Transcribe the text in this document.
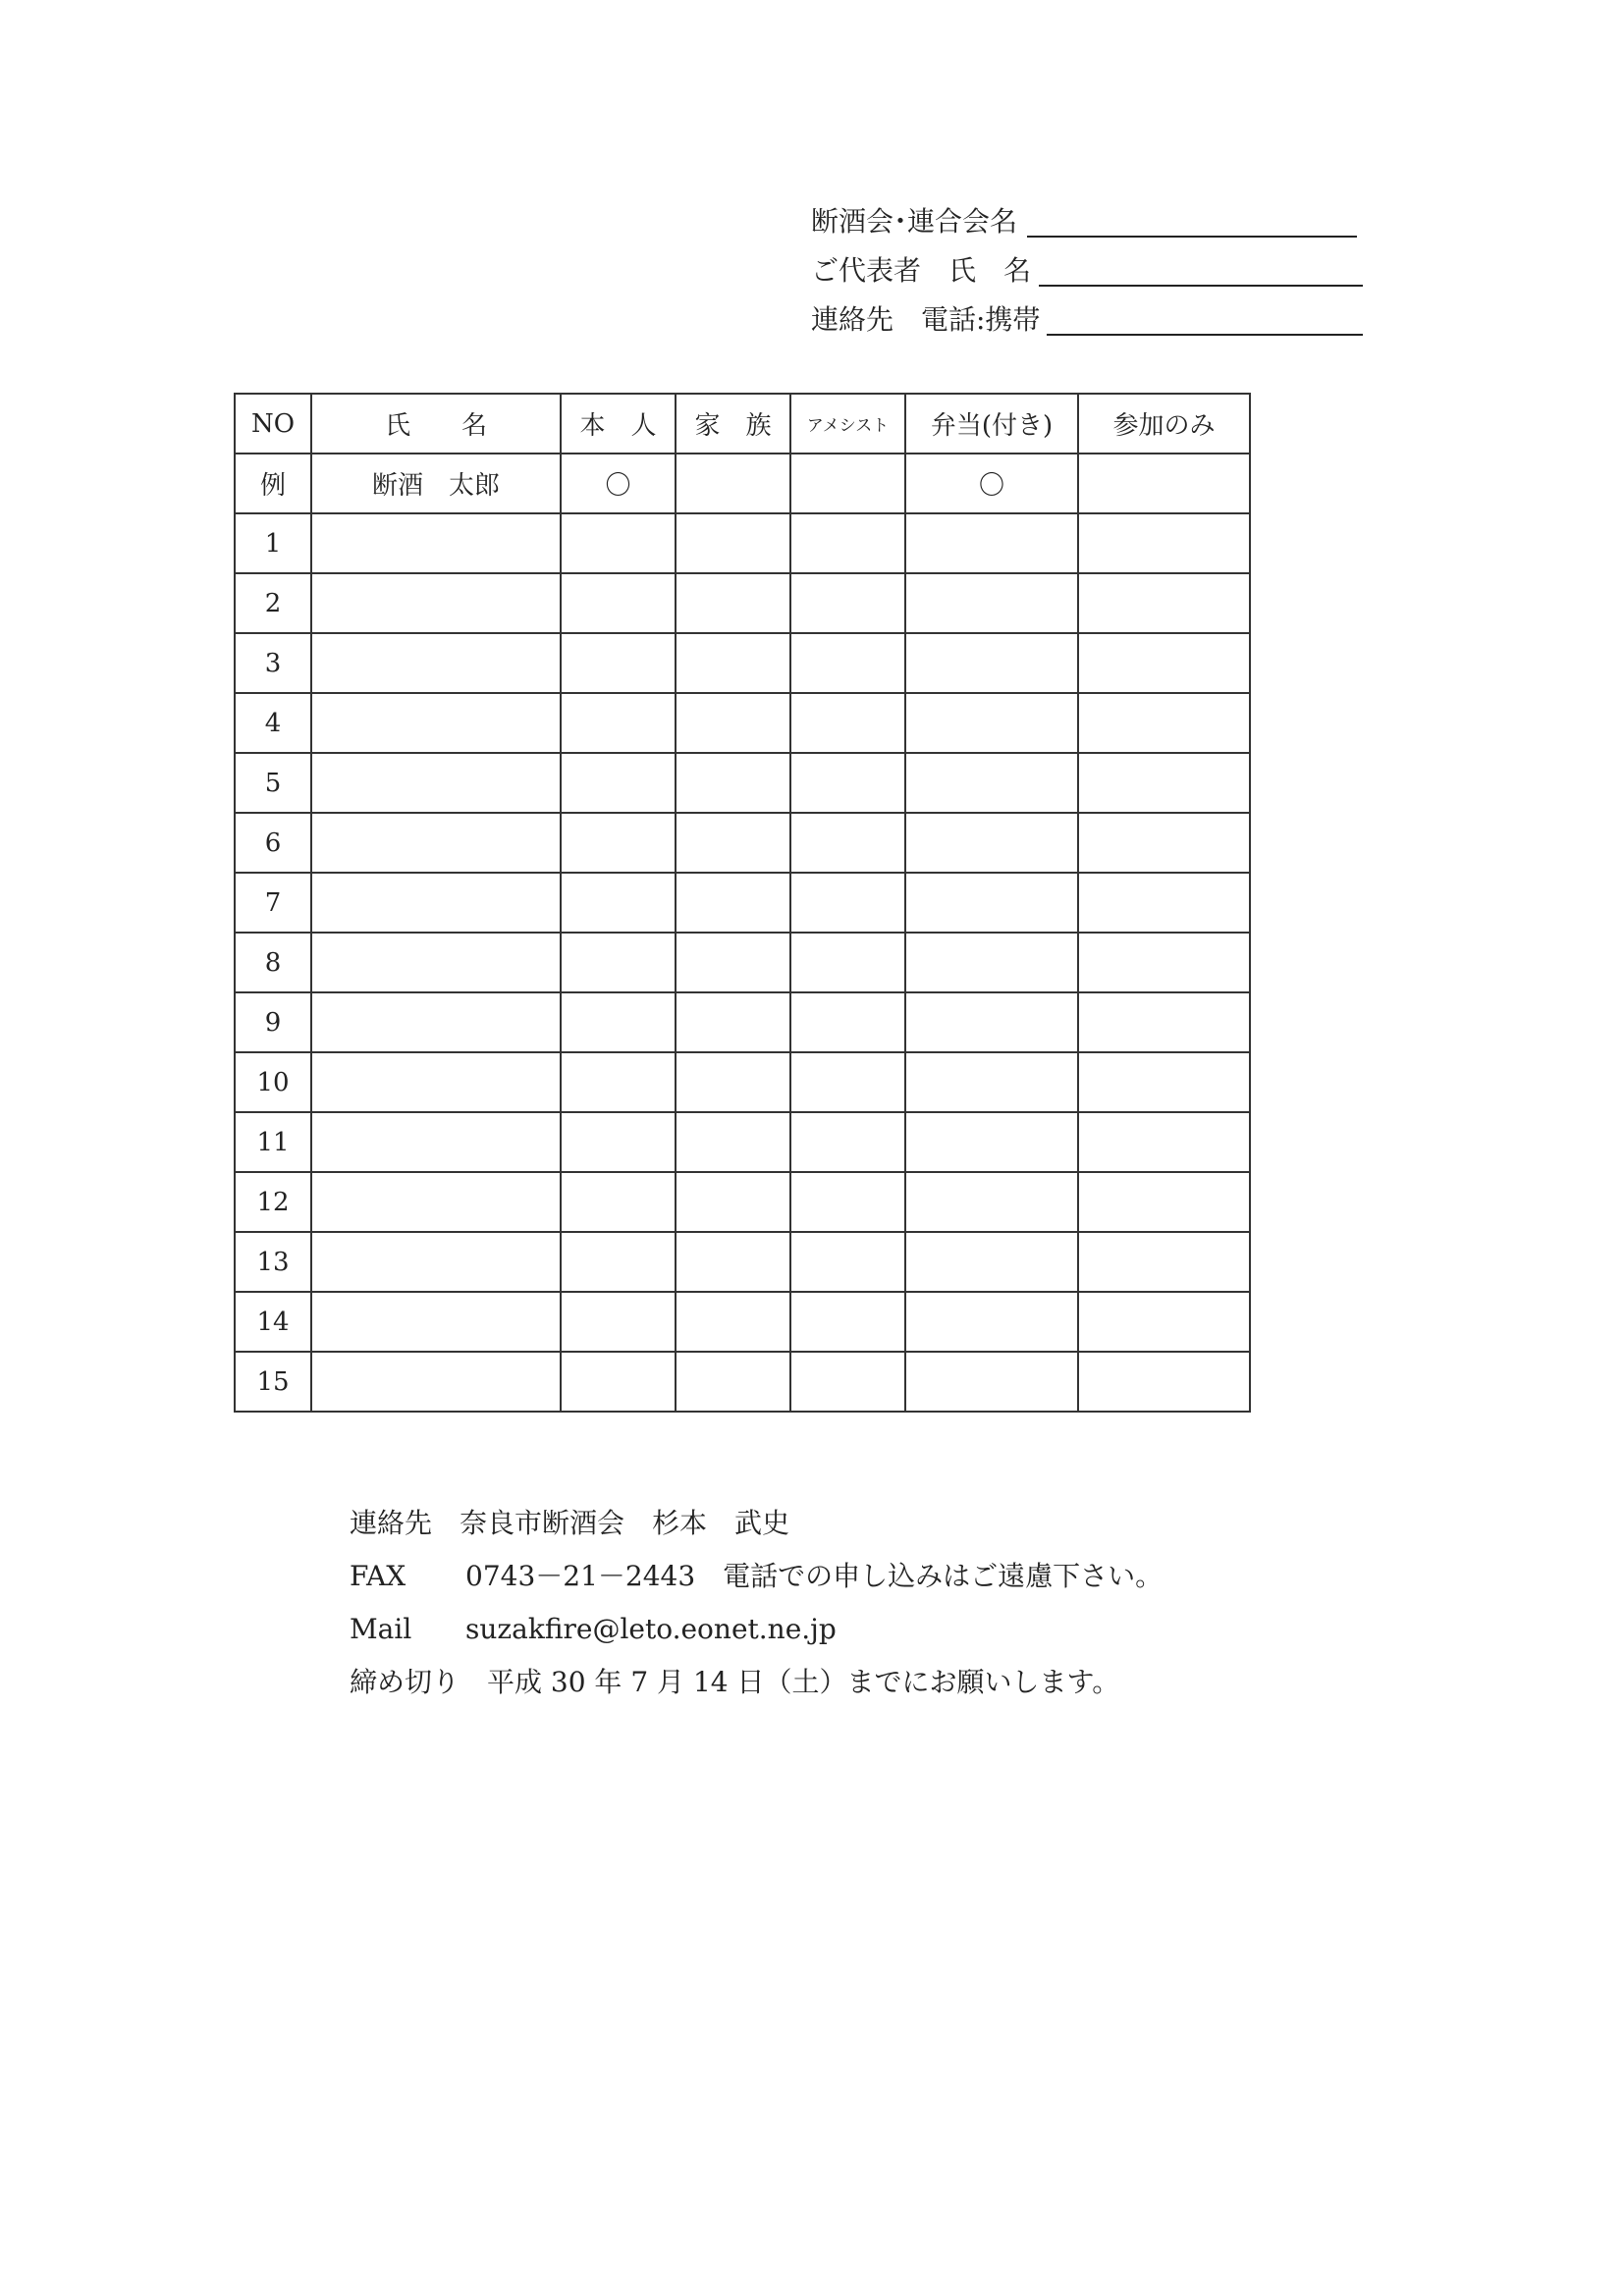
断酒会･連合会名
ご代表者　氏　名
連絡先　電話:携帯
NO	氏　　名	本　人	家　族	アメシスト	弁当(付き)	参加のみ
例	断酒　太郎	〇			〇	
1						
2						
3						
4						
5						
6						
7						
8						
9						
10						
11						
12						
13						
14						
15						
連絡先　奈良市断酒会　杉本　武史
FAX 0743－21－2443　電話での申し込みはご遠慮下さい。
Mail suzakfire@leto.eonet.ne.jp
締め切り　平成 30 年 7 月 14 日（土）までにお願いします。
